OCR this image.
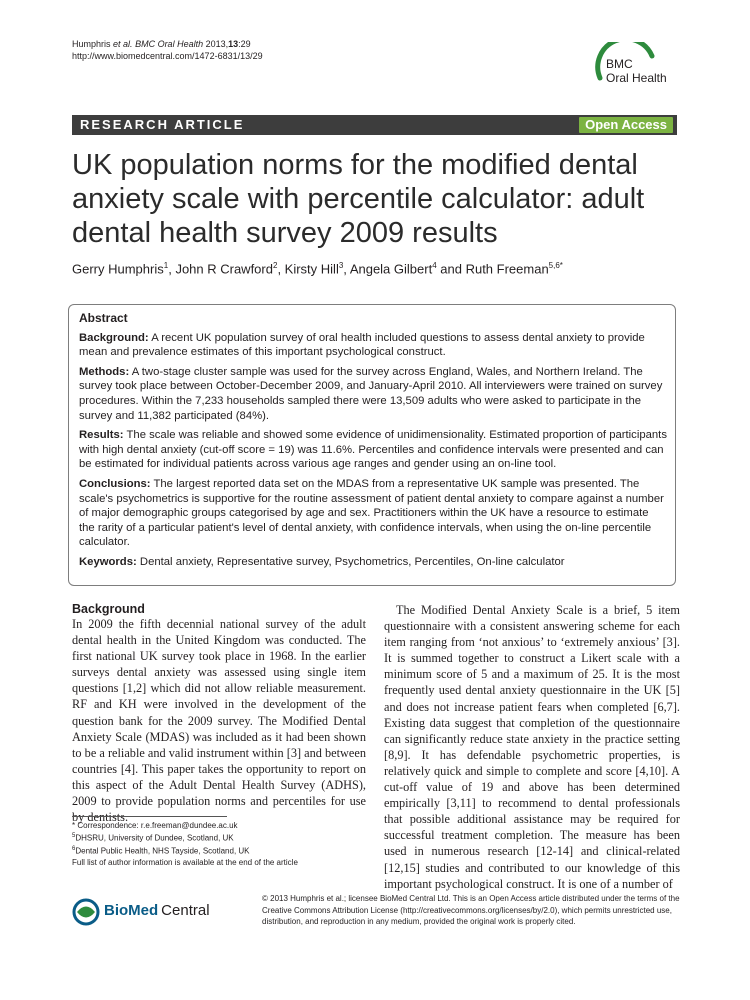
Humphris et al. BMC Oral Health 2013,13:29
http://www.biomedcentral.com/1472-6831/13/29
BMC
Oral Health
RESEARCH ARTICLE	Open Access
UK population norms for the modified dental anxiety scale with percentile calculator: adult dental health survey 2009 results
Gerry Humphris$^1$, John R Crawford$^2$, Kirsty Hill$^3$, Angela Gilbert$^4$ and Ruth Freeman$^{5,6*}$
Abstract

Background: A recent UK population survey of oral health included questions to assess dental anxiety to provide mean and prevalence estimates of this important psychological construct.

Methods: A two-stage cluster sample was used for the survey across England, Wales, and Northern Ireland. The survey took place between October-December 2009, and January-April 2010. All interviewers were trained on survey procedures. Within the 7,233 households sampled there were 13,509 adults who were asked to participate in the survey and 11,382 participated (84%).

Results: The scale was reliable and showed some evidence of unidimensionality. Estimated proportion of participants with high dental anxiety (cut-off score = 19) was 11.6%. Percentiles and confidence intervals were presented and can be estimated for individual patients across various age ranges and gender using an on-line tool.

Conclusions: The largest reported data set on the MDAS from a representative UK sample was presented. The scale's psychometrics is supportive for the routine assessment of patient dental anxiety to compare against a number of major demographic groups categorised by age and sex. Practitioners within the UK have a resource to estimate the rarity of a particular patient's level of dental anxiety, with confidence intervals, when using the on-line percentile calculator.

Keywords: Dental anxiety, Representative survey, Psychometrics, Percentiles, On-line calculator

Background

In 2009 the fifth decennial national survey of the adult dental health in the United Kingdom was conducted. The first national UK survey took place in 1968. In the earlier surveys dental anxiety was assessed using single item questions [1,2] which did not allow reliable measurement. RF and KH were involved in the development of the question bank for the 2009 survey. The Modified Dental Anxiety Scale (MDAS) was included as it had been shown to be a reliable and valid instrument within [3] and between countries [4]. This paper takes the opportunity to report on this aspect of the Adult Dental Health Survey (ADHS), 2009 to provide population norms and percentiles for use by dentists.

The Modified Dental Anxiety Scale is a brief, 5 item questionnaire with a consistent answering scheme for each item ranging from ‘not anxious’ to ‘extremely anxious’ [3]. It is summed together to construct a Likert scale with a minimum score of 5 and a maximum of 25. It is the most frequently used dental anxiety questionnaire in the UK [5] and does not increase patient fears when completed [6,7]. Existing data suggest that completion of the questionnaire can significantly reduce state anxiety in the practice setting [8,9]. It has defendable psychometric properties, is relatively quick and simple to complete and score [4,10]. A cut-off value of 19 and above has been determined empirically [3,11] to recommend to dental professionals that possible additional assistance may be required for successful treatment completion. The measure has been used in numerous research [12-14] and clinical-related [12,15] studies and contributed to our knowledge of this important psychological construct. It is one of a number of

* Correspondence: r.e.freeman@dundee.ac.uk
$^5$DHSRU, University of Dundee, Scotland, UK
$^6$Dental Public Health, NHS Tayside, Scotland, UK
Full list of author information is available at the end of the article
BioMed Central
© 2013 Humphris et al.; licensee BioMed Central Ltd. This is an Open Access article distributed under the terms of the Creative Commons Attribution License (http://creativecommons.org/licenses/by/2.0), which permits unrestricted use, distribution, and reproduction in any medium, provided the original work is properly cited.
